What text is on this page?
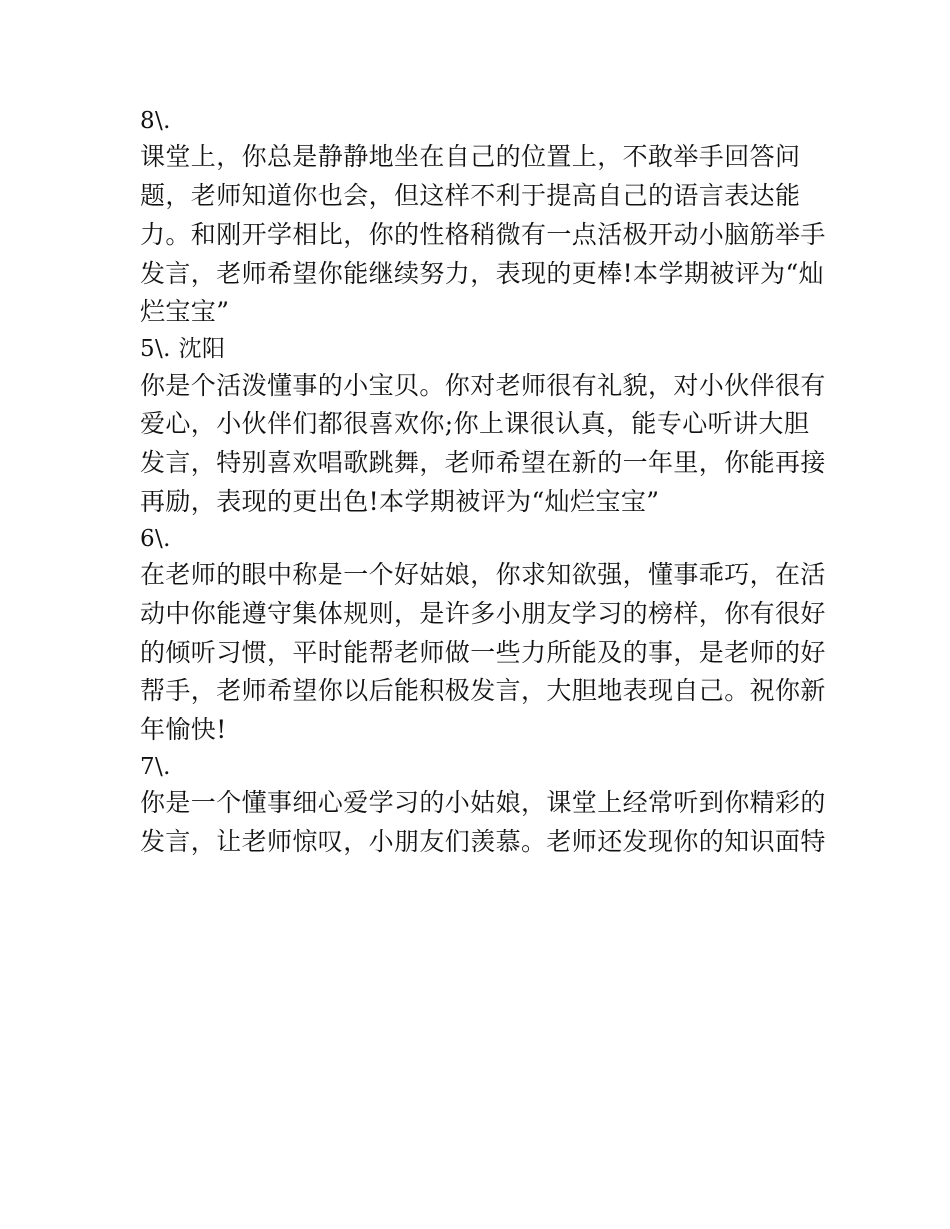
8\.
课堂上，你总是静静地坐在自己的位置上，不敢举手回答问
题，老师知道你也会，但这样不利于提高自己的语言表达能
力。和刚开学相比，你的性格稍微有一点活极开动小脑筋举手
发言，老师希望你能继续努力，表现的更棒!本学期被评为“灿
烂宝宝”
5\. 沈阳
你是个活泼懂事的小宝贝。你对老师很有礼貌，对小伙伴很有
爱心，小伙伴们都很喜欢你;你上课很认真，能专心听讲大胆
发言，特别喜欢唱歌跳舞，老师希望在新的一年里，你能再接
再励，表现的更出色!本学期被评为“灿烂宝宝”
6\.
在老师的眼中称是一个好姑娘，你求知欲强，懂事乖巧，在活
动中你能遵守集体规则，是许多小朋友学习的榜样，你有很好
的倾听习惯，平时能帮老师做一些力所能及的事，是老师的好
帮手，老师希望你以后能积极发言，大胆地表现自己。祝你新
年愉快!
7\.
你是一个懂事细心爱学习的小姑娘，课堂上经常听到你精彩的
发言，让老师惊叹，小朋友们羡慕。老师还发现你的知识面特
